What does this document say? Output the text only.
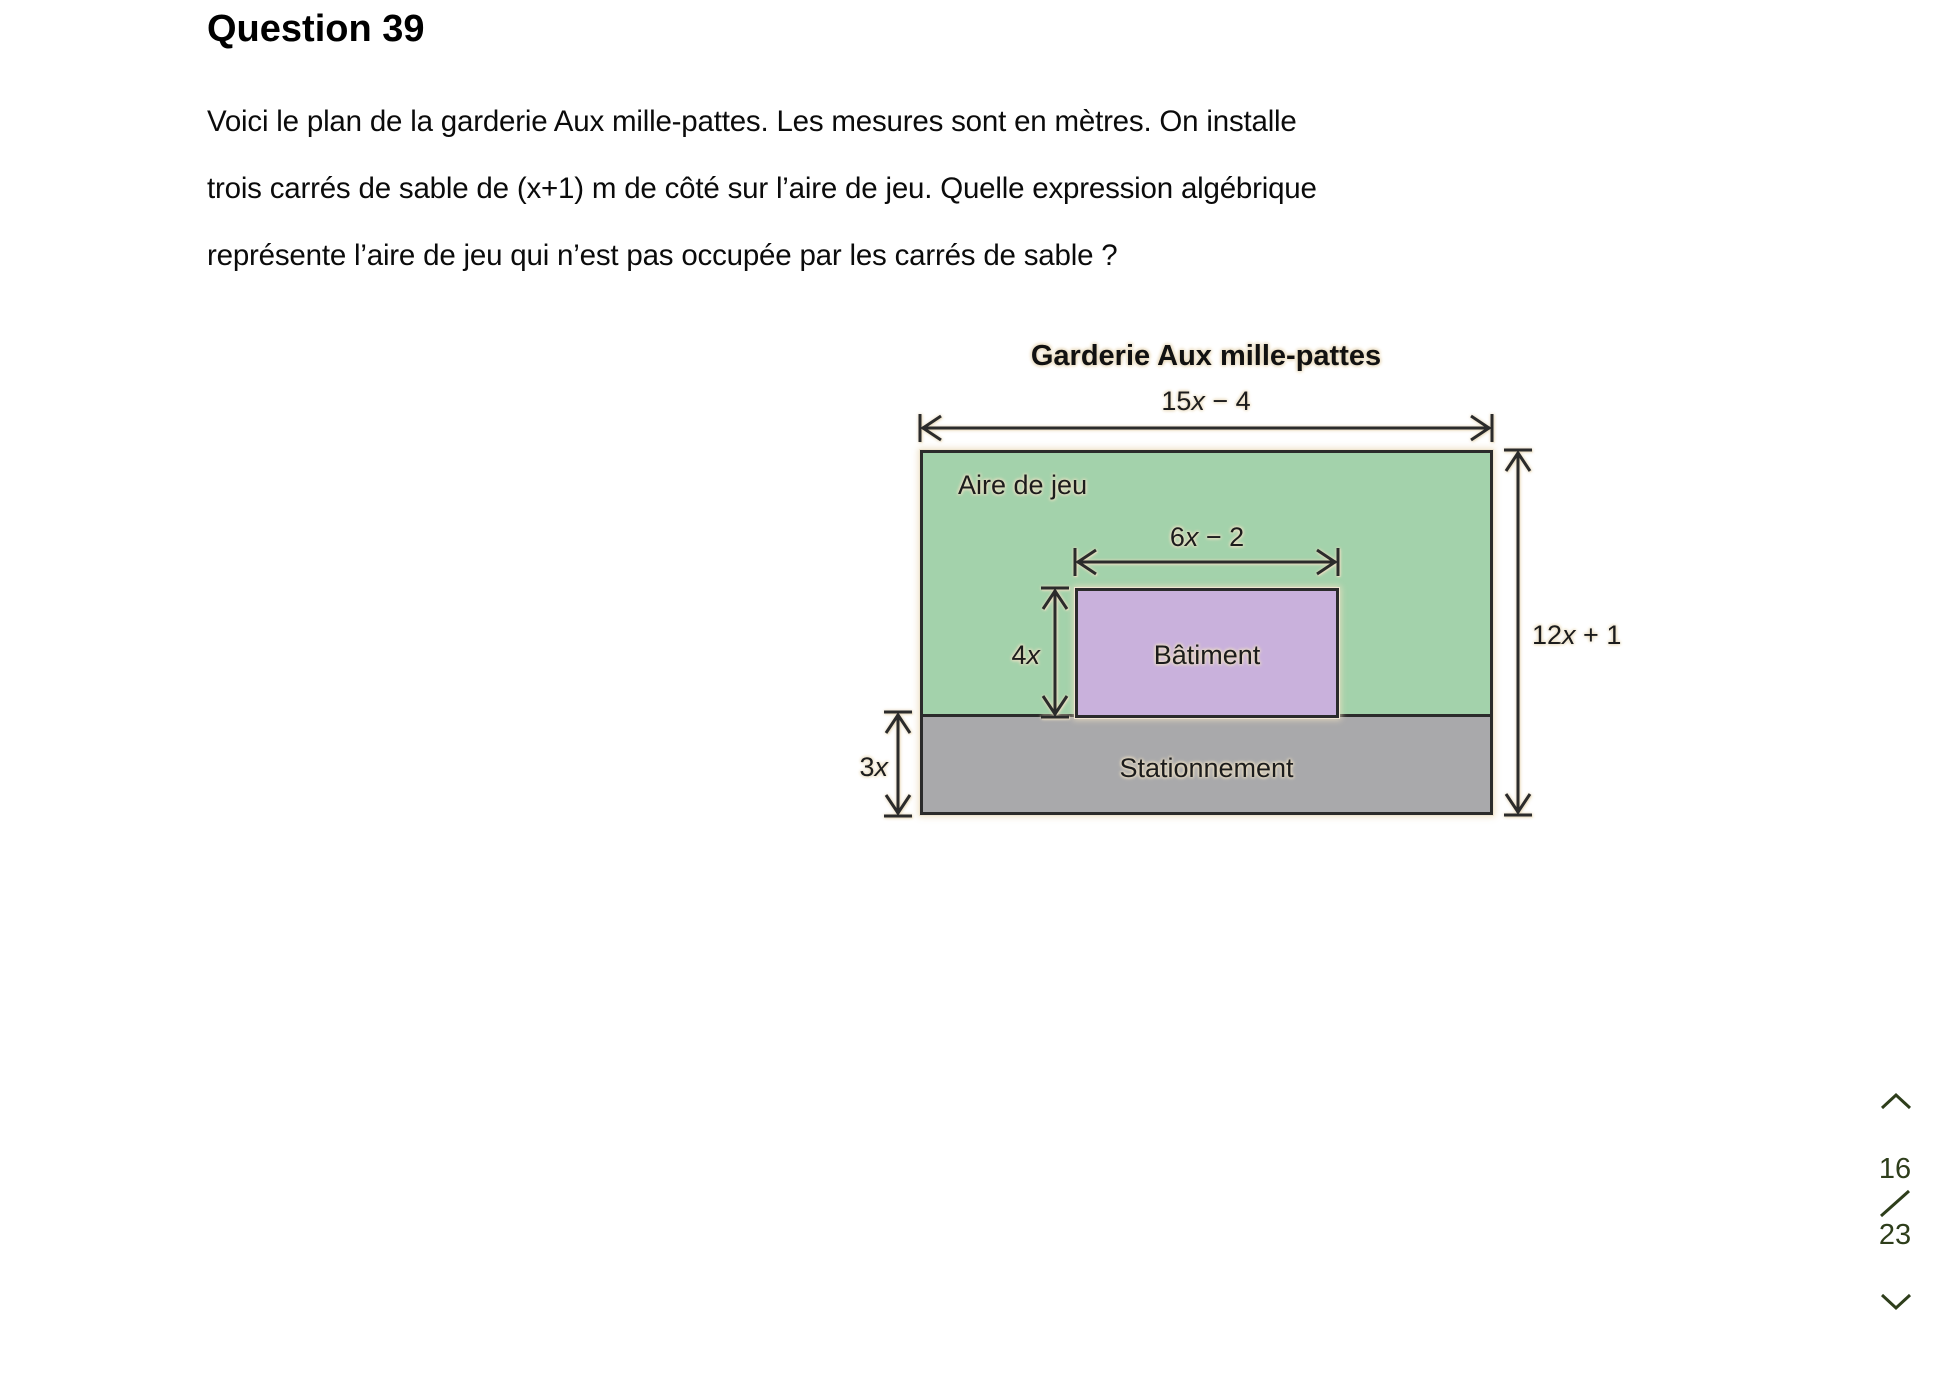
Question 39
Voici le plan de la garderie Aux mille-pattes. Les mesures sont en mètres. On installe
trois carrés de sable de (x+1) m de côté sur l’aire de jeu. Quelle expression algébrique
représente l’aire de jeu qui n’est pas occupée par les carrés de sable ?
Garderie Aux mille-pattes
15x − 4
Aire de jeu
6x − 2
4x	Bâtiment
Stationnement
3x
12x + 1
16
23
